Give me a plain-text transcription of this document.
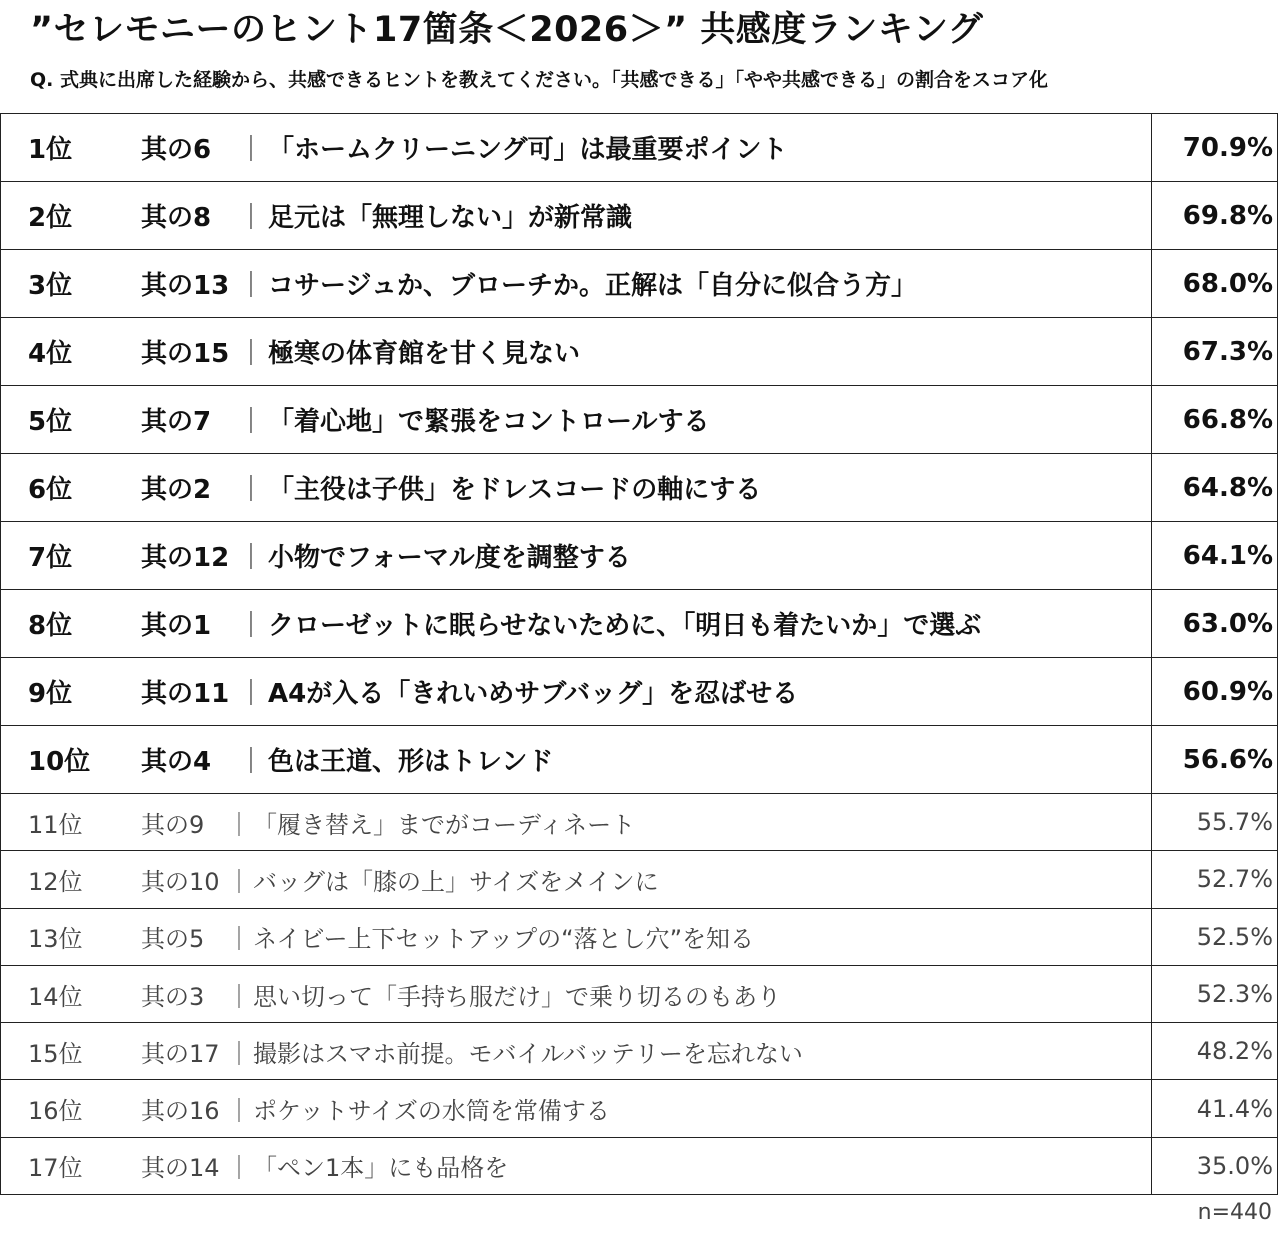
”セレモニーのヒント17箇条＜2026＞” 共感度ランキング
Q. 式典に出席した経験から、共感できるヒントを教えてください。「共感できる」「やや共感できる」の割合をスコア化
1位	其の6 ｜ 「ホームクリーニング可」は最重要ポイント	70.9%
2位	其の8 ｜ 足元は「無理しない」が新常識	69.8%
3位	其の13 ｜ コサージュか、ブローチか。正解は「自分に似合う方」	68.0%
4位	其の15 ｜ 極寒の体育館を甘く見ない	67.3%
5位	其の7 ｜ 「着心地」で緊張をコントロールする	66.8%
6位	其の2 ｜ 「主役は子供」をドレスコードの軸にする	64.8%
7位	其の12 ｜ 小物でフォーマル度を調整する	64.1%
8位	其の1 ｜ クローゼットに眠らせないために、「明日も着たいか」で選ぶ	63.0%
9位	其の11 ｜ A4が入る「きれいめサブバッグ」を忍ばせる	60.9%
10位 其の4 ｜ 色は王道、形はトレンド	56.6%
11位 其の9 ｜ 「履き替え」までがコーディネート	55.7%
12位 其の10 ｜ バッグは「膝の上」サイズをメインに	52.7%
13位 其の5 ｜ ネイビー上下セットアップの“落とし穴”を知る	52.5%
14位 其の3 ｜ 思い切って「手持ち服だけ」で乗り切るのもあり	52.3%
15位 其の17 ｜ 撮影はスマホ前提。モバイルバッテリーを忘れない	48.2%
16位 其の16 ｜ ポケットサイズの水筒を常備する	41.4%
17位 其の14 ｜ 「ペン1本」にも品格を	35.0%
n=440
